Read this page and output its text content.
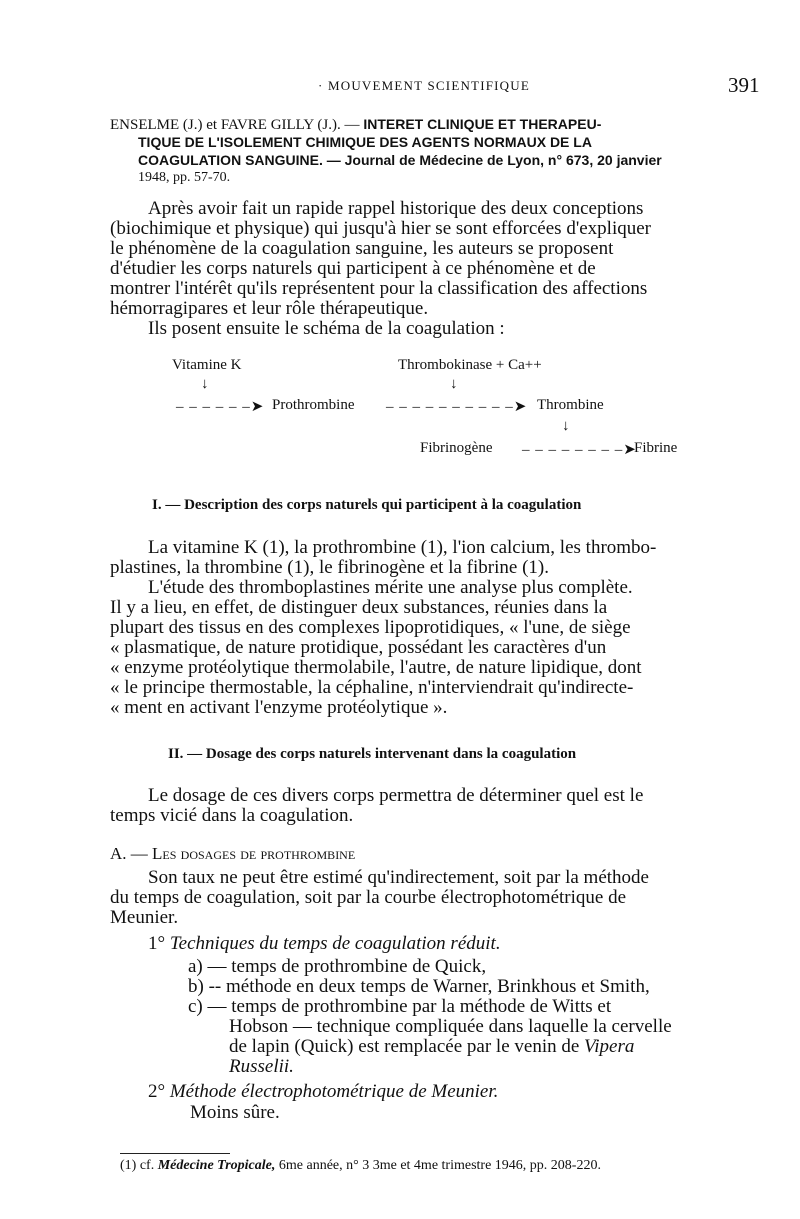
· MOUVEMENT SCIENTIFIQUE	391
ENSELME (J.) et FAVRE GILLY (J.). — INTERET CLINIQUE ET THERAPEU-
TIQUE DE L'ISOLEMENT CHIMIQUE DES AGENTS NORMAUX DE LA
COAGULATION SANGUINE. — Journal de Médecine de Lyon, n° 673, 20 janvier
1948, pp. 57-70.
Après avoir fait un rapide rappel historique des deux conceptions
(biochimique et physique) qui jusqu'à hier se sont efforcées d'expliquer
le phénomène de la coagulation sanguine, les auteurs se proposent
d'étudier les corps naturels qui participent à ce phénomène et de
montrer l'intérêt qu'ils représentent pour la classification des affections
hémorragipares et leur rôle thérapeutique.
Ils posent ensuite le schéma de la coagulation :
Vitamine K	Thrombokinase + Ca++
↓	↓
– – – – – –➤ Prothrombine – – – – – – – – – –➤ Thrombine
↓
Fibrinogène – – – – – – – –➤
Fibrine
I. — Description des corps naturels qui participent à la coagulation
La vitamine K (1), la prothrombine (1), l'ion calcium, les thrombo-
plastines, la thrombine (1), le fibrinogène et la fibrine (1).
L'étude des thromboplastines mérite une analyse plus complète.
Il y a lieu, en effet, de distinguer deux substances, réunies dans la
plupart des tissus en des complexes lipoprotidiques, « l'une, de siège
« plasmatique, de nature protidique, possédant les caractères d'un
« enzyme protéolytique thermolabile, l'autre, de nature lipidique, dont
« le principe thermostable, la céphaline, n'interviendrait qu'indirecte-
« ment en activant l'enzyme protéolytique ».
II. — Dosage des corps naturels intervenant dans la coagulation
Le dosage de ces divers corps permettra de déterminer quel est le
temps vicié dans la coagulation.
A. — Les dosages de prothrombine
Son taux ne peut être estimé qu'indirectement, soit par la méthode
du temps de coagulation, soit par la courbe électrophotométrique de
Meunier.
1° Techniques du temps de coagulation réduit.
a) — temps de prothrombine de Quick,
b) -- méthode en deux temps de Warner, Brinkhous et Smith,
c) — temps de prothrombine par la méthode de Witts et
Hobson — technique compliquée dans laquelle la cervelle
de lapin (Quick) est remplacée par le venin de Vipera
Russelii.
2° Méthode électrophotométrique de Meunier.
Moins sûre.
(1) cf. Médecine Tropicale, 6me année, n° 3 3me et 4me trimestre 1946, pp. 208-220.
